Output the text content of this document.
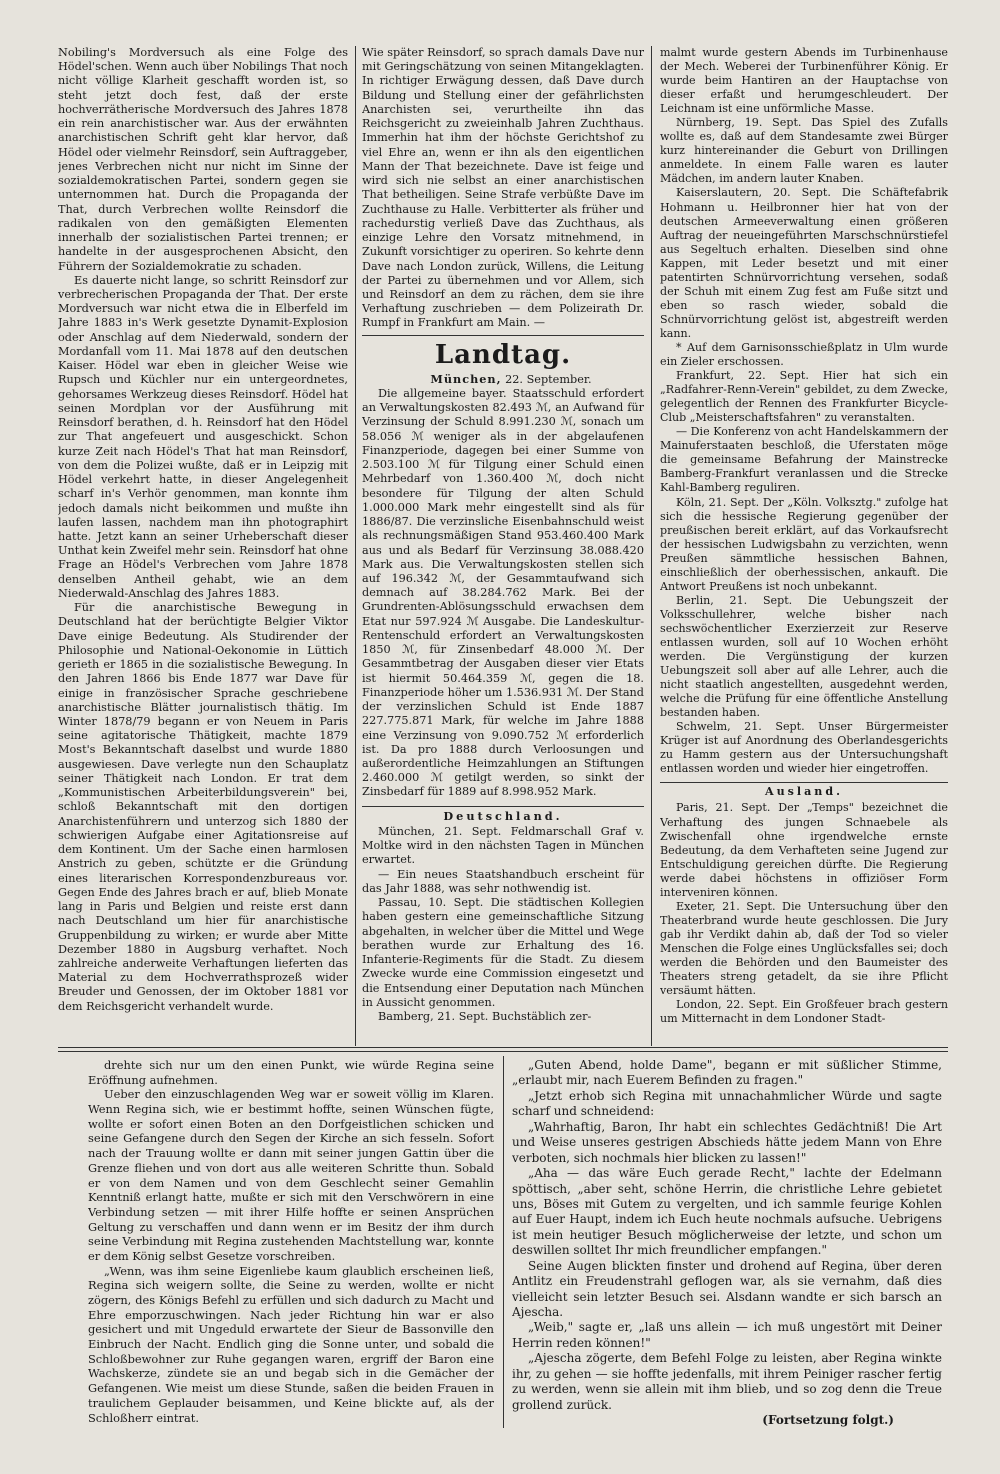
Nobiling's Mordversuch als eine Folge des Hödel'schen. Wenn auch über Nobilings That noch nicht völlige Klarheit geschafft worden ist, so steht jetzt doch fest, daß der erste hochverrätherische Mordversuch des Jahres 1878 ein rein anarchistischer war. Aus der erwähnten anarchistischen Schrift geht klar hervor, daß Hödel oder vielmehr Reinsdorf, sein Auftraggeber, jenes Verbrechen nicht nur nicht im Sinne der sozialdemokratischen Partei, sondern gegen sie unternommen hat. Durch die Propaganda der That, durch Verbrechen wollte Reinsdorf die radikalen von den gemäßigten Elementen innerhalb der sozialistischen Partei trennen; er handelte in der ausgesprochenen Absicht, den Führern der Sozialdemokratie zu schaden.

Es dauerte nicht lange, so schritt Reinsdorf zur verbrecherischen Propaganda der That. Der erste Mordversuch war nicht etwa die in Elberfeld im Jahre 1883 in's Werk gesetzte Dynamit-Explosion oder Anschlag auf dem Niederwald, sondern der Mordanfall vom 11. Mai 1878 auf den deutschen Kaiser. Hödel war eben in gleicher Weise wie Rupsch und Küchler nur ein untergeordnetes, gehorsames Werkzeug dieses Reinsdorf. Hödel hat seinen Mordplan vor der Ausführung mit Reinsdorf berathen, d. h. Reinsdorf hat den Hödel zur That angefeuert und ausgeschickt. Schon kurze Zeit nach Hödel's That hat man Reinsdorf, von dem die Polizei wußte, daß er in Leipzig mit Hödel verkehrt hatte, in dieser Angelegenheit scharf in's Verhör genommen, man konnte ihm jedoch damals nicht beikommen und mußte ihn laufen lassen, nachdem man ihn photographirt hatte. Jetzt kann an seiner Urheberschaft dieser Unthat kein Zweifel mehr sein. Reinsdorf hat ohne Frage an Hödel's Verbrechen vom Jahre 1878 denselben Antheil gehabt, wie an dem Niederwald-Anschlag des Jahres 1883.

Für die anarchistische Bewegung in Deutschland hat der berüchtigte Belgier Viktor Dave einige Bedeutung. Als Studirender der Philosophie und National-Oekonomie in Lüttich gerieth er 1865 in die sozialistische Bewegung. In den Jahren 1866 bis Ende 1877 war Dave für einige in französischer Sprache geschriebene anarchistische Blätter journalistisch thätig. Im Winter 1878/79 begann er von Neuem in Paris seine agitatorische Thätigkeit, machte 1879 Most's Bekanntschaft daselbst und wurde 1880 ausgewiesen. Dave verlegte nun den Schauplatz seiner Thätigkeit nach London. Er trat dem „Kommunistischen Arbeiterbildungsverein" bei, schloß Bekanntschaft mit den dortigen Anarchistenführern und unterzog sich 1880 der schwierigen Aufgabe einer Agitationsreise auf dem Kontinent. Um der Sache einen harmlosen Anstrich zu geben, schützte er die Gründung eines literarischen Korrespondenzbureaus vor. Gegen Ende des Jahres brach er auf, blieb Monate lang in Paris und Belgien und reiste erst dann nach Deutschland um hier für anarchistische Gruppenbildung zu wirken; er wurde aber Mitte Dezember 1880 in Augsburg verhaftet. Noch zahlreiche anderweite Verhaftungen lieferten das Material zu dem Hochverrathsprozeß wider Breuder und Genossen, der im Oktober 1881 vor dem Reichsgericht verhandelt wurde.

Wie später Reinsdorf, so sprach damals Dave nur mit Geringschätzung von seinen Mitangeklagten. In richtiger Erwägung dessen, daß Dave durch Bildung und Stellung einer der gefährlichsten Anarchisten sei, verurtheilte ihn das Reichsgericht zu zweieinhalb Jahren Zuchthaus. Immerhin hat ihm der höchste Gerichtshof zu viel Ehre an, wenn er ihn als den eigentlichen Mann der That bezeichnete. Dave ist feige und wird sich nie selbst an einer anarchistischen That betheiligen. Seine Strafe verbüßte Dave im Zuchthause zu Halle. Verbitterter als früher und rachedurstig verließ Dave das Zuchthaus, als einzige Lehre den Vorsatz mitnehmend, in Zukunft vorsichtiger zu operiren. So kehrte denn Dave nach London zurück, Willens, die Leitung der Partei zu übernehmen und vor Allem, sich und Reinsdorf an dem zu rächen, dem sie ihre Verhaftung zuschrieben — dem Polizeirath Dr. Rumpf in Frankfurt am Main. —

Landtag.

München, 22. September.

Die allgemeine bayer. Staatsschuld erfordert an Verwaltungskosten 82.493 ℳ, an Aufwand für Verzinsung der Schuld 8.991.230 ℳ, sonach um 58.056 ℳ weniger als in der abgelaufenen Finanzperiode, dagegen bei einer Summe von 2.503.100 ℳ für Tilgung einer Schuld einen Mehrbedarf von 1.360.400 ℳ, doch nicht besondere für Tilgung der alten Schuld 1.000.000 Mark mehr eingestellt sind als für 1886/87. Die verzinsliche Eisenbahnschuld weist als rechnungsmäßigen Stand 953.460.400 Mark aus und als Bedarf für Verzinsung 38.088.420 Mark aus. Die Verwaltungskosten stellen sich auf 196.342 ℳ, der Gesammtaufwand sich demnach auf 38.284.762 Mark. Bei der Grundrenten-Ablösungsschuld erwachsen dem Etat nur 597.924 ℳ Ausgabe. Die Landeskultur-Rentenschuld erfordert an Verwaltungskosten 1850 ℳ, für Zinsenbedarf 48.000 ℳ. Der Gesammtbetrag der Ausgaben dieser vier Etats ist hiermit 50.464.359 ℳ, gegen die 18. Finanzperiode höher um 1.536.931 ℳ. Der Stand der verzinslichen Schuld ist Ende 1887 227.775.871 Mark, für welche im Jahre 1888 eine Verzinsung von 9.090.752 ℳ erforderlich ist. Da pro 1888 durch Verloosungen und außerordentliche Heimzahlungen an Stiftungen 2.460.000 ℳ getilgt werden, so sinkt der Zinsbedarf für 1889 auf 8.998.952 Mark.

Deutschland.

München, 21. Sept. Feldmarschall Graf v. Moltke wird in den nächsten Tagen in München erwartet.

— Ein neues Staatshandbuch erscheint für das Jahr 1888, was sehr nothwendig ist.

Passau, 10. Sept. Die städtischen Kollegien haben gestern eine gemeinschaftliche Sitzung abgehalten, in welcher über die Mittel und Wege berathen wurde zur Erhaltung des 16. Infanterie-Regiments für die Stadt. Zu diesem Zwecke wurde eine Commission eingesetzt und die Entsendung einer Deputation nach München in Aussicht genommen.

Bamberg, 21. Sept. Buchstäblich zer-

malmt wurde gestern Abends im Turbinenhause der Mech. Weberei der Turbinenführer König. Er wurde beim Hantiren an der Hauptachse von dieser erfaßt und herumgeschleudert. Der Leichnam ist eine unförmliche Masse.

Nürnberg, 19. Sept. Das Spiel des Zufalls wollte es, daß auf dem Standesamte zwei Bürger kurz hintereinander die Geburt von Drillingen anmeldete. In einem Falle waren es lauter Mädchen, im andern lauter Knaben.

Kaiserslautern, 20. Sept. Die Schäftefabrik Hohmann u. Heilbronner hier hat von der deutschen Armeeverwaltung einen größeren Auftrag der neueingeführten Marschschnürstiefel aus Segeltuch erhalten. Dieselben sind ohne Kappen, mit Leder besetzt und mit einer patentirten Schnürvorrichtung versehen, sodaß der Schuh mit einem Zug fest am Fuße sitzt und eben so rasch wieder, sobald die Schnürvorrichtung gelöst ist, abgestreift werden kann.

* Auf dem Garnisonsschießplatz in Ulm wurde ein Zieler erschossen.

Frankfurt, 22. Sept. Hier hat sich ein „Radfahrer-Renn-Verein" gebildet, zu dem Zwecke, gelegentlich der Rennen des Frankfurter Bicycle-Club „Meisterschaftsfahren" zu veranstalten.

— Die Konferenz von acht Handelskammern der Mainuferstaaten beschloß, die Uferstaten möge die gemeinsame Befahrung der Mainstrecke Bamberg-Frankfurt veranlassen und die Strecke Kahl-Bamberg reguliren.

Köln, 21. Sept. Der „Köln. Volksztg." zufolge hat sich die hessische Regierung gegenüber der preußischen bereit erklärt, auf das Vorkaufsrecht der hessischen Ludwigsbahn zu verzichten, wenn Preußen sämmtliche hessischen Bahnen, einschließlich der oberhessischen, ankauft. Die Antwort Preußens ist noch unbekannt.

Berlin, 21. Sept. Die Uebungszeit der Volksschullehrer, welche bisher nach sechswöchentlicher Exerzierzeit zur Reserve entlassen wurden, soll auf 10 Wochen erhöht werden. Die Vergünstigung der kurzen Uebungszeit soll aber auf alle Lehrer, auch die nicht staatlich angestellten, ausgedehnt werden, welche die Prüfung für eine öffentliche Anstellung bestanden haben.

Schwelm, 21. Sept. Unser Bürgermeister Krüger ist auf Anordnung des Oberlandesgerichts zu Hamm gestern aus der Untersuchungshaft entlassen worden und wieder hier eingetroffen.

Ausland.

Paris, 21. Sept. Der „Temps" bezeichnet die Verhaftung des jungen Schnaebele als Zwischenfall ohne irgendwelche ernste Bedeutung, da dem Verhafteten seine Jugend zur Entschuldigung gereichen dürfte. Die Regierung werde dabei höchstens in offiziöser Form interveniren können.

Exeter, 21. Sept. Die Untersuchung über den Theaterbrand wurde heute geschlossen. Die Jury gab ihr Verdikt dahin ab, daß der Tod so vieler Menschen die Folge eines Unglücksfalles sei; doch werden die Behörden und den Baumeister des Theaters streng getadelt, da sie ihre Pflicht versäumt hätten.

London, 22. Sept. Ein Großfeuer brach gestern um Mitternacht in dem Londoner Stadt-

drehte sich nur um den einen Punkt, wie würde Regina seine Eröffnung aufnehmen.

Ueber den einzuschlagenden Weg war er soweit völlig im Klaren. Wenn Regina sich, wie er bestimmt hoffte, seinen Wünschen fügte, wollte er sofort einen Boten an den Dorfgeistlichen schicken und seine Gefangene durch den Segen der Kirche an sich fesseln. Sofort nach der Trauung wollte er dann mit seiner jungen Gattin über die Grenze fliehen und von dort aus alle weiteren Schritte thun. Sobald er von dem Namen und von dem Geschlecht seiner Gemahlin Kenntniß erlangt hatte, mußte er sich mit den Verschwörern in eine Verbindung setzen — mit ihrer Hilfe hoffte er seinen Ansprüchen Geltung zu verschaffen und dann wenn er im Besitz der ihm durch seine Verbindung mit Regina zustehenden Machtstellung war, konnte er dem König selbst Gesetze vorschreiben.

„Wenn, was ihm seine Eigenliebe kaum glaublich erscheinen ließ, Regina sich weigern sollte, die Seine zu werden, wollte er nicht zögern, des Königs Befehl zu erfüllen und sich dadurch zu Macht und Ehre emporzuschwingen. Nach jeder Richtung hin war er also gesichert und mit Ungeduld erwartete der Sieur de Bassonville den Einbruch der Nacht. Endlich ging die Sonne unter, und sobald die Schloßbewohner zur Ruhe gegangen waren, ergriff der Baron eine Wachskerze, zündete sie an und begab sich in die Gemächer der Gefangenen. Wie meist um diese Stunde, saßen die beiden Frauen in traulichem Geplauder beisammen, und Keine blickte auf, als der Schloßherr eintrat.

„Guten Abend, holde Dame", begann er mit süßlicher Stimme, „erlaubt mir, nach Euerem Befinden zu fragen."

„Jetzt erhob sich Regina mit unnachahmlicher Würde und sagte scharf und schneidend:

„Wahrhaftig, Baron, Ihr habt ein schlechtes Gedächtniß! Die Art und Weise unseres gestrigen Abschieds hätte jedem Mann von Ehre verboten, sich nochmals hier blicken zu lassen!"

„Aha — das wäre Euch gerade Recht," lachte der Edelmann spöttisch, „aber seht, schöne Herrin, die christliche Lehre gebietet uns, Böses mit Gutem zu vergelten, und ich sammle feurige Kohlen auf Euer Haupt, indem ich Euch heute nochmals aufsuche. Uebrigens ist mein heutiger Besuch möglicherweise der letzte, und schon um deswillen solltet Ihr mich freundlicher empfangen."

Seine Augen blickten finster und drohend auf Regina, über deren Antlitz ein Freudenstrahl geflogen war, als sie vernahm, daß dies vielleicht sein letzter Besuch sei. Alsdann wandte er sich barsch an Ajescha.

„Weib," sagte er, „laß uns allein — ich muß ungestört mit Deiner Herrin reden können!"

„Ajescha zögerte, dem Befehl Folge zu leisten, aber Regina winkte ihr, zu gehen — sie hoffte jedenfalls, mit ihrem Peiniger rascher fertig zu werden, wenn sie allein mit ihm blieb, und so zog denn die Treue grollend zurück.

(Fortsetzung folgt.)
